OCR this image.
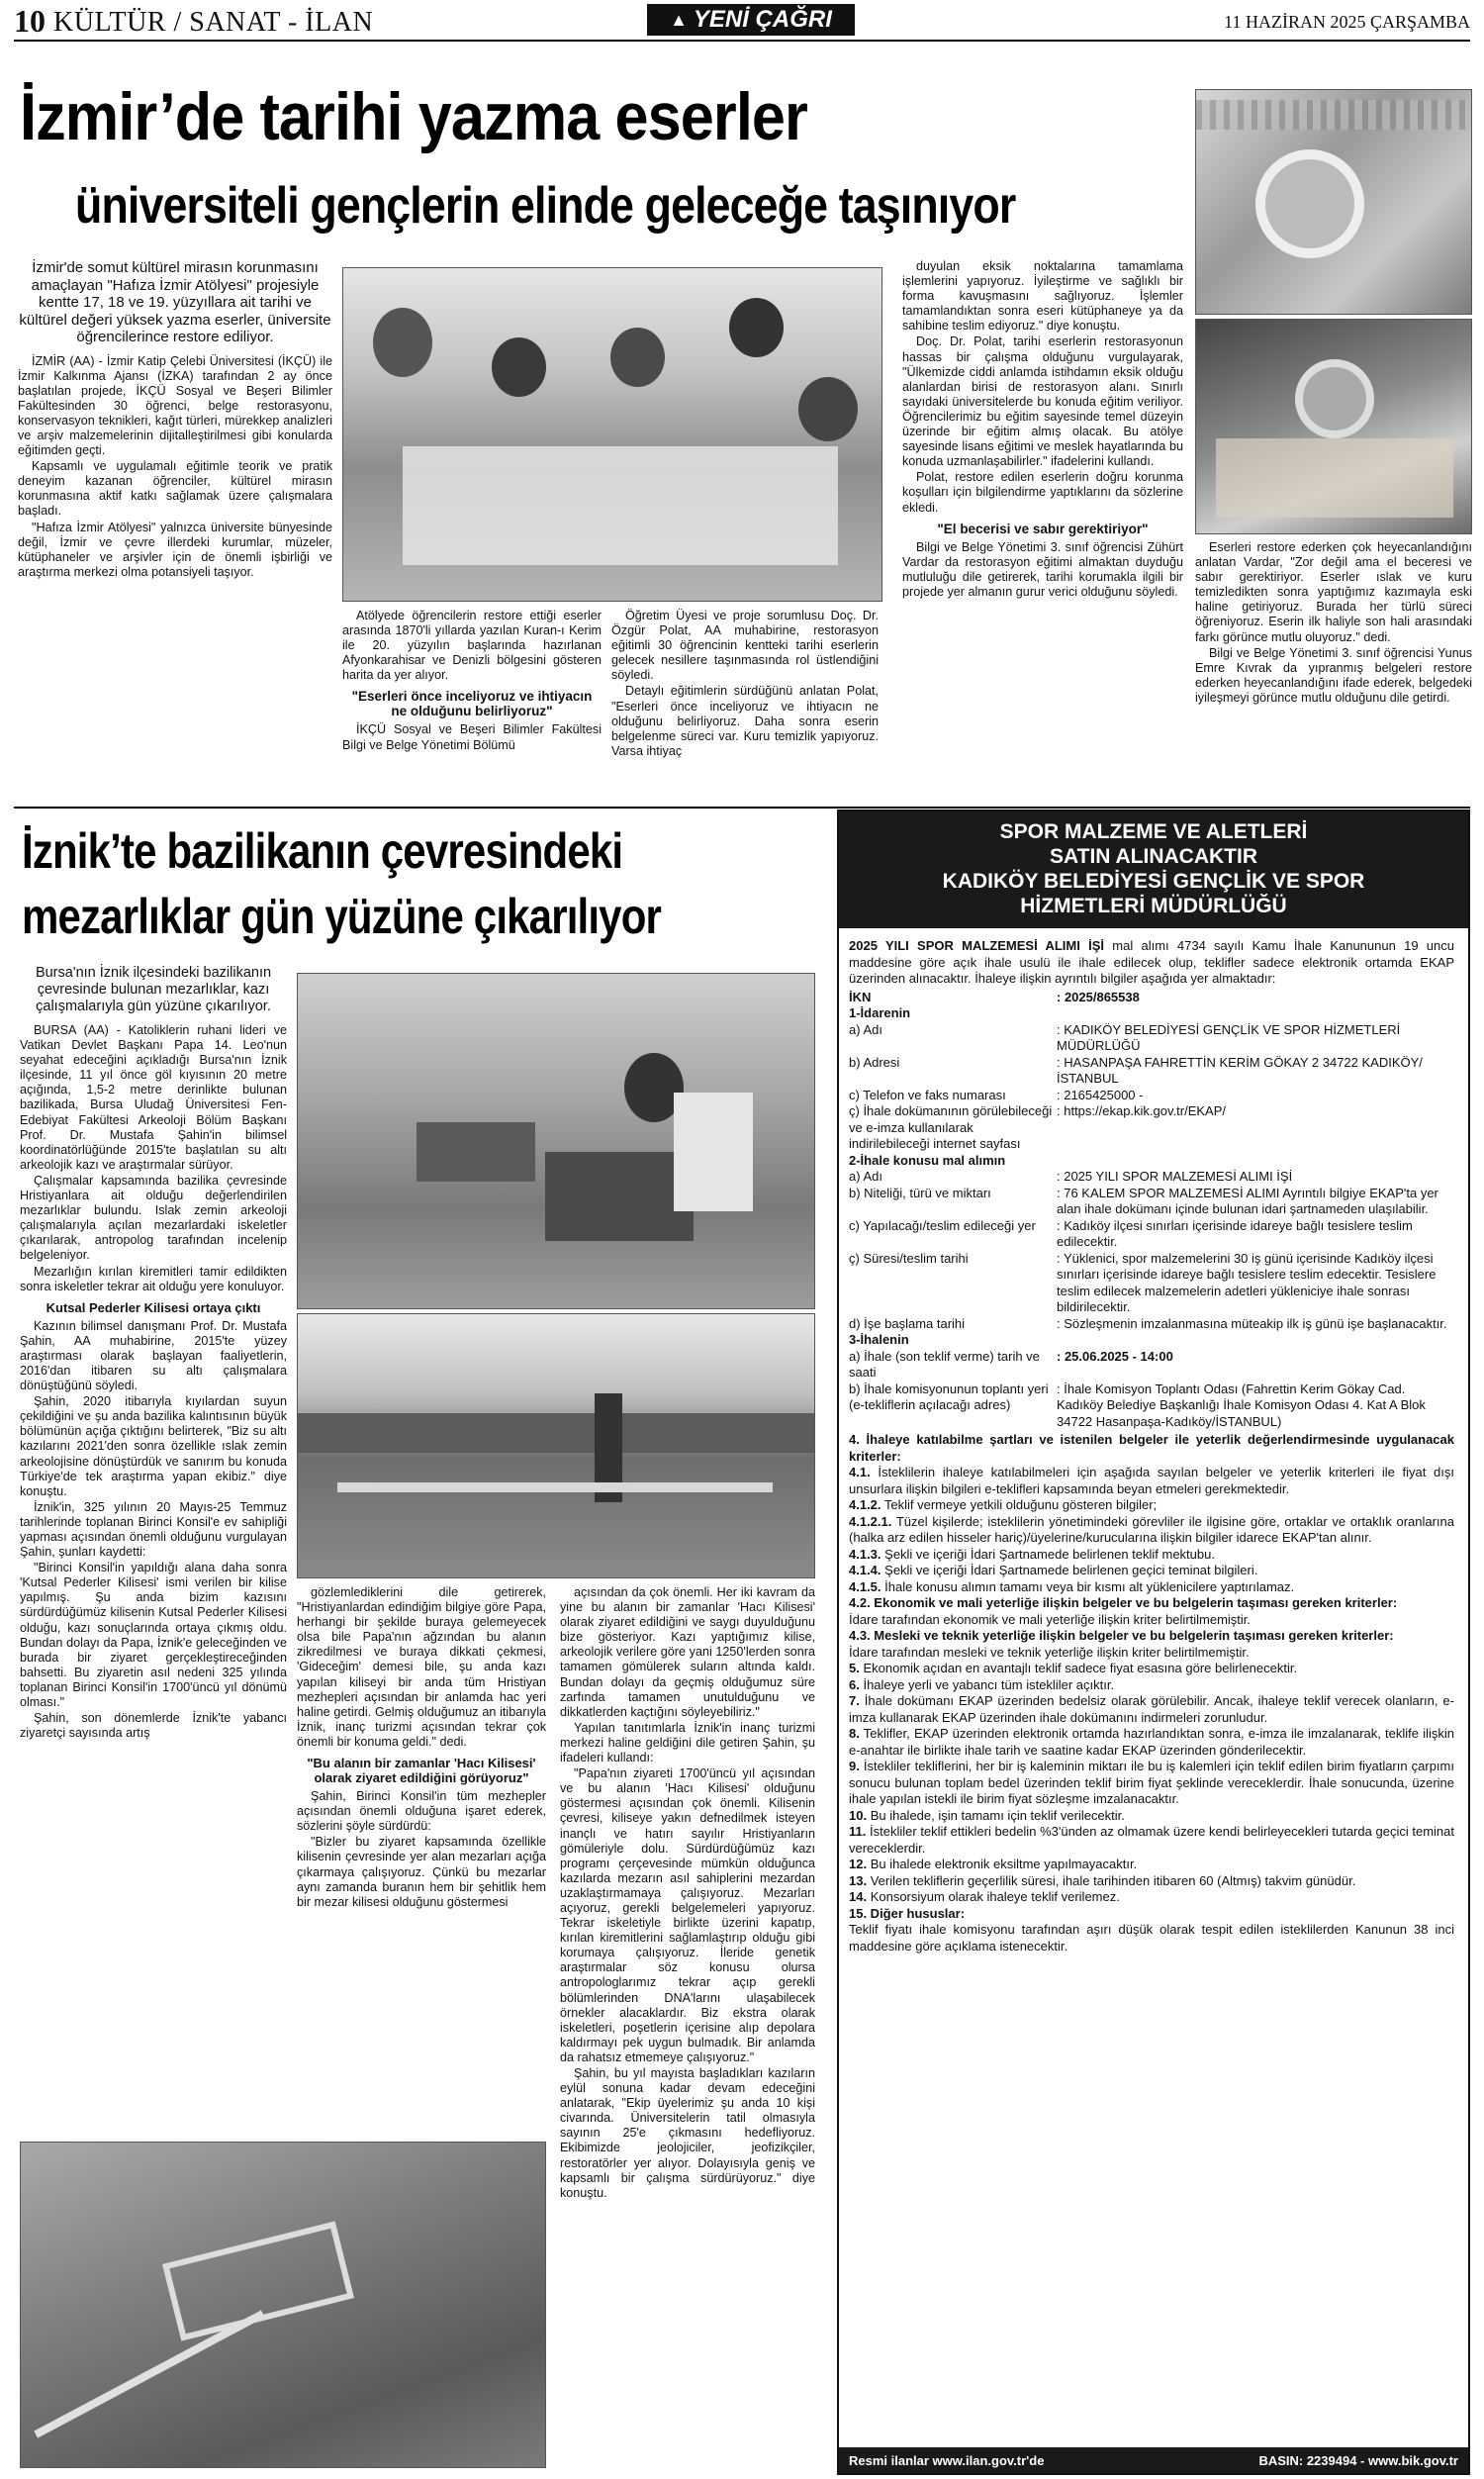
10 KÜLTÜR / SANAT - İLAN	▲ YENİ ÇAĞRI	11 HAZİRAN 2025 ÇARŞAMBA
İzmir’de tarihi yazma eserler
üniversiteli gençlerin elinde geleceğe taşınıyor
İzmir'de somut kültürel mirasın korunmasını amaçlayan "Hafıza İzmir Atölyesi" projesiyle kentte 17, 18 ve 19. yüzyıllara ait tarihi ve kültürel değeri yüksek yazma eserler, üniversite öğrencilerince restore ediliyor.

İZMİR (AA) - İzmir Katip Çelebi Üniversitesi (İKÇÜ) ile İzmir Kalkınma Ajansı (İZKA) tarafından 2 ay önce başlatılan projede, İKÇÜ Sosyal ve Beşeri Bilimler Fakültesinden 30 öğrenci, belge restorasyonu, konservasyon teknikleri, kağıt türleri, mürekkep analizleri ve arşiv malzemelerinin dijitalleştirilmesi gibi konularda eğitimden geçti.

Kapsamlı ve uygulamalı eğitimle teorik ve pratik deneyim kazanan öğrenciler, kültürel mirasın korunmasına aktif katkı sağlamak üzere çalışmalara başladı.

"Hafıza İzmir Atölyesi" yalnızca üniversite bünyesinde değil, İzmir ve çevre illerdeki kurumlar, müzeler, kütüphaneler ve arşivler için de önemli işbirliği ve araştırma merkezi olma potansiyeli taşıyor.

Atölyede öğrencilerin restore ettiği eserler arasında 1870'li yıllarda yazılan Kuran-ı Kerim ile 20. yüzyılın başlarında hazırlanan Afyonkarahisar ve Denizli bölgesini gösteren harita da yer alıyor.

"Eserleri önce inceliyoruz ve ihtiyacın ne olduğunu belirliyoruz"

İKÇÜ Sosyal ve Beşeri Bilimler Fakültesi Bilgi ve Belge Yönetimi Bölümü

Öğretim Üyesi ve proje sorumlusu Doç. Dr. Özgür Polat, AA muhabirine, restorasyon eğitimli 30 öğrencinin kentteki tarihi eserlerin gelecek nesillere taşınmasında rol üstlendiğini söyledi.

Detaylı eğitimlerin sürdüğünü anlatan Polat, "Eserleri önce inceliyoruz ve ihtiyacın ne olduğunu belirliyoruz. Daha sonra eserin belgelenme süreci var. Kuru temizlik yapıyoruz. Varsa ihtiyaç

duyulan eksik noktalarına tamamlama işlemlerini yapıyoruz. İyileştirme ve sağlıklı bir forma kavuşmasını sağlıyoruz. İşlemler tamamlandıktan sonra eseri kütüphaneye ya da sahibine teslim ediyoruz." diye konuştu.

Doç. Dr. Polat, tarihi eserlerin restorasyonun hassas bir çalışma olduğunu vurgulayarak, "Ülkemizde ciddi anlamda istihdamın eksik olduğu alanlardan birisi de restorasyon alanı. Sınırlı sayıdaki üniversitelerde bu konuda eğitim veriliyor. Öğrencilerimiz bu eğitim sayesinde temel düzeyin üzerinde bir eğitim almış olacak. Bu atölye sayesinde lisans eğitimi ve meslek hayatlarında bu konuda uzmanlaşabilirler." ifadelerini kullandı.

Polat, restore edilen eserlerin doğru korunma koşulları için bilgilendirme yaptıklarını da sözlerine ekledi.

"El becerisi ve sabır gerektiriyor"

Bilgi ve Belge Yönetimi 3. sınıf öğrencisi Zühürt Vardar da restorasyon eğitimi almaktan duyduğu mutluluğu dile getirerek, tarihi korumakla ilgili bir projede yer almanın gurur verici olduğunu söyledi.

Eserleri restore ederken çok heyecanlandığını anlatan Vardar, "Zor değil ama el beceresi ve sabır gerektiriyor. Eserler ıslak ve kuru temizledikten sonra yaptığımız kazımayla eski haline getiriyoruz. Burada her türlü süreci öğreniyoruz. Eserin ilk haliyle son hali arasındaki farkı görünce mutlu oluyoruz." dedi.

Bilgi ve Belge Yönetimi 3. sınıf öğrencisi Yunus Emre Kıvrak da yıpranmış belgeleri restore ederken heyecanlandığını ifade ederek, belgedeki iyileşmeyi görünce mutlu olduğunu dile getirdi.

İznik’te bazilikanın çevresindeki
mezarlıklar gün yüzüne çıkarılıyor
Bursa'nın İznik ilçesindeki bazilikanın çevresinde bulunan mezarlıklar, kazı çalışmalarıyla gün yüzüne çıkarılıyor.

BURSA (AA) - Katoliklerin ruhani lideri ve Vatikan Devlet Başkanı Papa 14. Leo'nun seyahat edeceğini açıkladığı Bursa'nın İznik ilçesinde, 11 yıl önce göl kıyısının 20 metre açığında, 1,5-2 metre derinlikte bulunan bazilikada, Bursa Uludağ Üniversitesi Fen-Edebiyat Fakültesi Arkeoloji Bölüm Başkanı Prof. Dr. Mustafa Şahin'in bilimsel koordinatörlüğünde 2015'te başlatılan su altı arkeolojik kazı ve araştırmalar sürüyor.

Çalışmalar kapsamında bazilika çevresinde Hristiyanlara ait olduğu değerlendirilen mezarlıklar bulundu. Islak zemin arkeoloji çalışmalarıyla açılan mezarlardaki iskeletler çıkarılarak, antropolog tarafından incelenip belgeleniyor.

Mezarlığın kırılan kiremitleri tamir edildikten sonra iskeletler tekrar ait olduğu yere konuluyor.

Kutsal Pederler Kilisesi ortaya çıktı

Kazının bilimsel danışmanı Prof. Dr. Mustafa Şahin, AA muhabirine, 2015'te yüzey araştırması olarak başlayan faaliyetlerin, 2016'dan itibaren su altı çalışmalara dönüştüğünü söyledi.

Şahin, 2020 itibarıyla kıyılardan suyun çekildiğini ve şu anda bazilika kalıntısının büyük bölümünün açığa çıktığını belirterek, "Biz su altı kazılarını 2021'den sonra özellikle ıslak zemin arkeolojisine dönüştürdük ve sanırım bu konuda Türkiye'de tek araştırma yapan ekibiz." diye konuştu.

İznik'in, 325 yılının 20 Mayıs-25 Temmuz tarihlerinde toplanan Birinci Konsil'e ev sahipliği yapması açısından önemli olduğunu vurgulayan Şahin, şunları kaydetti:

"Birinci Konsil'in yapıldığı alana daha sonra 'Kutsal Pederler Kilisesi' ismi verilen bir kilise yapılmış. Şu anda bizim kazısını sürdürdüğümüz kilisenin Kutsal Pederler Kilisesi olduğu, kazı sonuçlarında ortaya çıkmış oldu. Bundan dolayı da Papa, İznik'e geleceğinden ve burada bir ziyaret gerçekleştireceğinden bahsetti. Bu ziyaretin asıl nedeni 325 yılında toplanan Birinci Konsil'in 1700'üncü yıl dönümü olması."

Şahin, son dönemlerde İznik'te yabancı ziyaretçi sayısında artış

gözlemlediklerini dile getirerek, "Hristiyanlardan edindiğim bilgiye göre Papa, herhangi bir şekilde buraya gelemeyecek olsa bile Papa'nın ağzından bu alanın zikredilmesi ve buraya dikkati çekmesi, 'Gideceğim' demesi bile, şu anda kazı yapılan kiliseyi bir anda tüm Hristiyan mezhepleri açısından bir anlamda hac yeri haline getirdi. Gelmiş olduğumuz an itibarıyla İznik, inanç turizmi açısından tekrar çok önemli bir konuma geldi." dedi.

"Bu alanın bir zamanlar 'Hacı Kilisesi' olarak ziyaret edildiğini görüyoruz"

Şahin, Birinci Konsil'in tüm mezhepler açısından önemli olduğuna işaret ederek, sözlerini şöyle sürdürdü:

"Bizler bu ziyaret kapsamında özellikle kilisenin çevresinde yer alan mezarları açığa çıkarmaya çalışıyoruz. Çünkü bu mezarlar aynı zamanda buranın hem bir şehitlik hem bir mezar kilisesi olduğunu göstermesi

açısından da çok önemli. Her iki kavram da yine bu alanın bir zamanlar 'Hacı Kilisesi' olarak ziyaret edildiğini ve saygı duyulduğunu bize gösteriyor. Kazı yaptığımız kilise, arkeolojik verilere göre yani 1250'lerden sonra tamamen gömülerek suların altında kaldı. Bundan dolayı da geçmiş olduğumuz süre zarfında tamamen unutulduğunu ve dikkatlerden kaçtığını söyleyebiliriz."

Yapılan tanıtımlarla İznik'in inanç turizmi merkezi haline geldiğini dile getiren Şahin, şu ifadeleri kullandı:

"Papa'nın ziyareti 1700'üncü yıl açısından ve bu alanın 'Hacı Kilisesi' olduğunu göstermesi açısından çok önemli. Kilisenin çevresi, kiliseye yakın defnedilmek isteyen inançlı ve hatırı sayılır Hristiyanların gömüleriyle dolu. Sürdürdüğümüz kazı programı çerçevesinde mümkün olduğunca kazılarda mezarın asıl sahiplerini mezardan uzaklaştırmamaya çalışıyoruz. Mezarları açıyoruz, gerekli belgelemeleri yapıyoruz. Tekrar iskeletiyle birlikte üzerini kapatıp, kırılan kiremitlerini sağlamlaştırıp olduğu gibi korumaya çalışıyoruz. İleride genetik araştırmalar söz konusu olursa antropologlarımız tekrar açıp gerekli bölümlerinden DNA'larını ulaşabilecek örnekler alacaklardır. Biz ekstra olarak iskeletleri, poşetlerin içerisine alıp depolara kaldırmayı pek uygun bulmadık. Bir anlamda da rahatsız etmemeye çalışıyoruz."

Şahin, bu yıl mayısta başladıkları kazıların eylül sonuna kadar devam edeceğini anlatarak, "Ekip üyelerimiz şu anda 10 kişi civarında. Üniversitelerin tatil olmasıyla sayının 25'e çıkmasını hedefliyoruz. Ekibimizde jeolojiciler, jeofizikçiler, restoratörler yer alıyor. Dolayısıyla geniş ve kapsamlı bir çalışma sürdürüyoruz." diye konuştu.

SPOR MALZEME VE ALETLERİ
SATIN ALINACAKTIR
KADIKÖY BELEDİYESİ GENÇLİK VE SPOR
HİZMETLERİ MÜDÜRLÜĞÜ

2025 YILI SPOR MALZEMESİ ALIMI İŞİ mal alımı 4734 sayılı Kamu İhale Kanununun 19 uncu maddesine göre açık ihale usulü ile ihale edilecek olup, teklifler sadece elektronik ortamda EKAP üzerinden alınacaktır. İhaleye ilişkin ayrıntılı bilgiler aşağıda yer almaktadır:

İKN	: 2025/865538
1-İdarenin
a) Adı	: KADIKÖY BELEDİYESİ GENÇLİK VE SPOR HİZMETLERİ MÜDÜRLÜĞÜ
b) Adresi	: HASANPAŞA FAHRETTİN KERİM GÖKAY 2 34722 KADIKÖY/İSTANBUL
c) Telefon ve faks numarası	: 2165425000 -
ç) İhale dokümanının görülebileceği ve e-imza kullanılarak indirilebileceği internet sayfası
: https://ekap.kik.gov.tr/EKAP/
2-İhale konusu mal alımın
a) Adı	: 2025 YILI SPOR MALZEMESİ ALIMI İŞİ
b) Niteliği, türü ve miktarı	: 76 KALEM SPOR MALZEMESİ ALIMI Ayrıntılı bilgiye EKAP'ta yer alan ihale dokümanı içinde bulunan idari şartnameden ulaşılabilir.
c) Yapılacağı/teslim edileceği yer	: Kadıköy ilçesi sınırları içerisinde idareye bağlı tesislere teslim edilecektir.
ç) Süresi/teslim tarihi	: Yüklenici, spor malzemelerini 30 iş günü içerisinde Kadıköy ilçesi sınırları içerisinde idareye bağlı tesislere teslim edecektir. Tesislere teslim edilecek malzemelerin adetleri yükleniciye ihale sonrası bildirilecektir.
d) İşe başlama tarihi	: Sözleşmenin imzalanmasına müteakip ilk iş günü işe başlanacaktır.
3-İhalenin
a) İhale (son teklif verme) tarih ve saati
: 25.06.2025 - 14:00
b) İhale komisyonunun toplantı yeri (e-tekliflerin açılacağı adres)
: İhale Komisyon Toplantı Odası (Fahrettin Kerim Gökay Cad. Kadıköy Belediye Başkanlığı İhale Komisyon Odası 4. Kat A Blok 34722 Hasanpaşa-Kadıköy/İSTANBUL)

4. İhaleye katılabilme şartları ve istenilen belgeler ile yeterlik değerlendirmesinde uygulanacak kriterler:

4.1. İsteklilerin ihaleye katılabilmeleri için aşağıda sayılan belgeler ve yeterlik kriterleri ile fiyat dışı unsurlara ilişkin bilgileri e-teklifleri kapsamında beyan etmeleri gerekmektedir.

4.1.2. Teklif vermeye yetkili olduğunu gösteren bilgiler;

4.1.2.1. Tüzel kişilerde; isteklilerin yönetimindeki görevliler ile ilgisine göre, ortaklar ve ortaklık oranlarına (halka arz edilen hisseler hariç)/üyelerine/kurucularına ilişkin bilgiler idarece EKAP'tan alınır.

4.1.3. Şekli ve içeriği İdari Şartnamede belirlenen teklif mektubu.

4.1.4. Şekli ve içeriği İdari Şartnamede belirlenen geçici teminat bilgileri.

4.1.5. İhale konusu alımın tamamı veya bir kısmı alt yüklenicilere yaptırılamaz.

4.2. Ekonomik ve mali yeterliğe ilişkin belgeler ve bu belgelerin taşıması gereken kriterler:

İdare tarafından ekonomik ve mali yeterliğe ilişkin kriter belirtilmemiştir.

4.3. Mesleki ve teknik yeterliğe ilişkin belgeler ve bu belgelerin taşıması gereken kriterler:

İdare tarafından mesleki ve teknik yeterliğe ilişkin kriter belirtilmemiştir.

5. Ekonomik açıdan en avantajlı teklif sadece fiyat esasına göre belirlenecektir.

6. İhaleye yerli ve yabancı tüm istekliler açıktır.

7. İhale dokümanı EKAP üzerinden bedelsiz olarak görülebilir. Ancak, ihaleye teklif verecek olanların, e-imza kullanarak EKAP üzerinden ihale dokümanını indirmeleri zorunludur.

8. Teklifler, EKAP üzerinden elektronik ortamda hazırlandıktan sonra, e-imza ile imzalanarak, teklife ilişkin e-anahtar ile birlikte ihale tarih ve saatine kadar EKAP üzerinden gönderilecektir.

9. İstekliler tekliflerini, her bir iş kaleminin miktarı ile bu iş kalemleri için teklif edilen birim fiyatların çarpımı sonucu bulunan toplam bedel üzerinden teklif birim fiyat şeklinde vereceklerdir. İhale sonucunda, üzerine ihale yapılan istekli ile birim fiyat sözleşme imzalanacaktır.

10. Bu ihalede, işin tamamı için teklif verilecektir.

11. İstekliler teklif ettikleri bedelin %3'ünden az olmamak üzere kendi belirleyecekleri tutarda geçici teminat vereceklerdir.

12. Bu ihalede elektronik eksiltme yapılmayacaktır.

13. Verilen tekliflerin geçerlilik süresi, ihale tarihinden itibaren 60 (Altmış) takvim günüdür.

14. Konsorsiyum olarak ihaleye teklif verilemez.

15. Diğer hususlar:

Teklif fiyatı ihale komisyonu tarafından aşırı düşük olarak tespit edilen isteklilerden Kanunun 38 inci maddesine göre açıklama istenecektir.

Resmi ilanlar www.ilan.gov.tr'de	BASIN: 2239494 - www.bik.gov.tr
